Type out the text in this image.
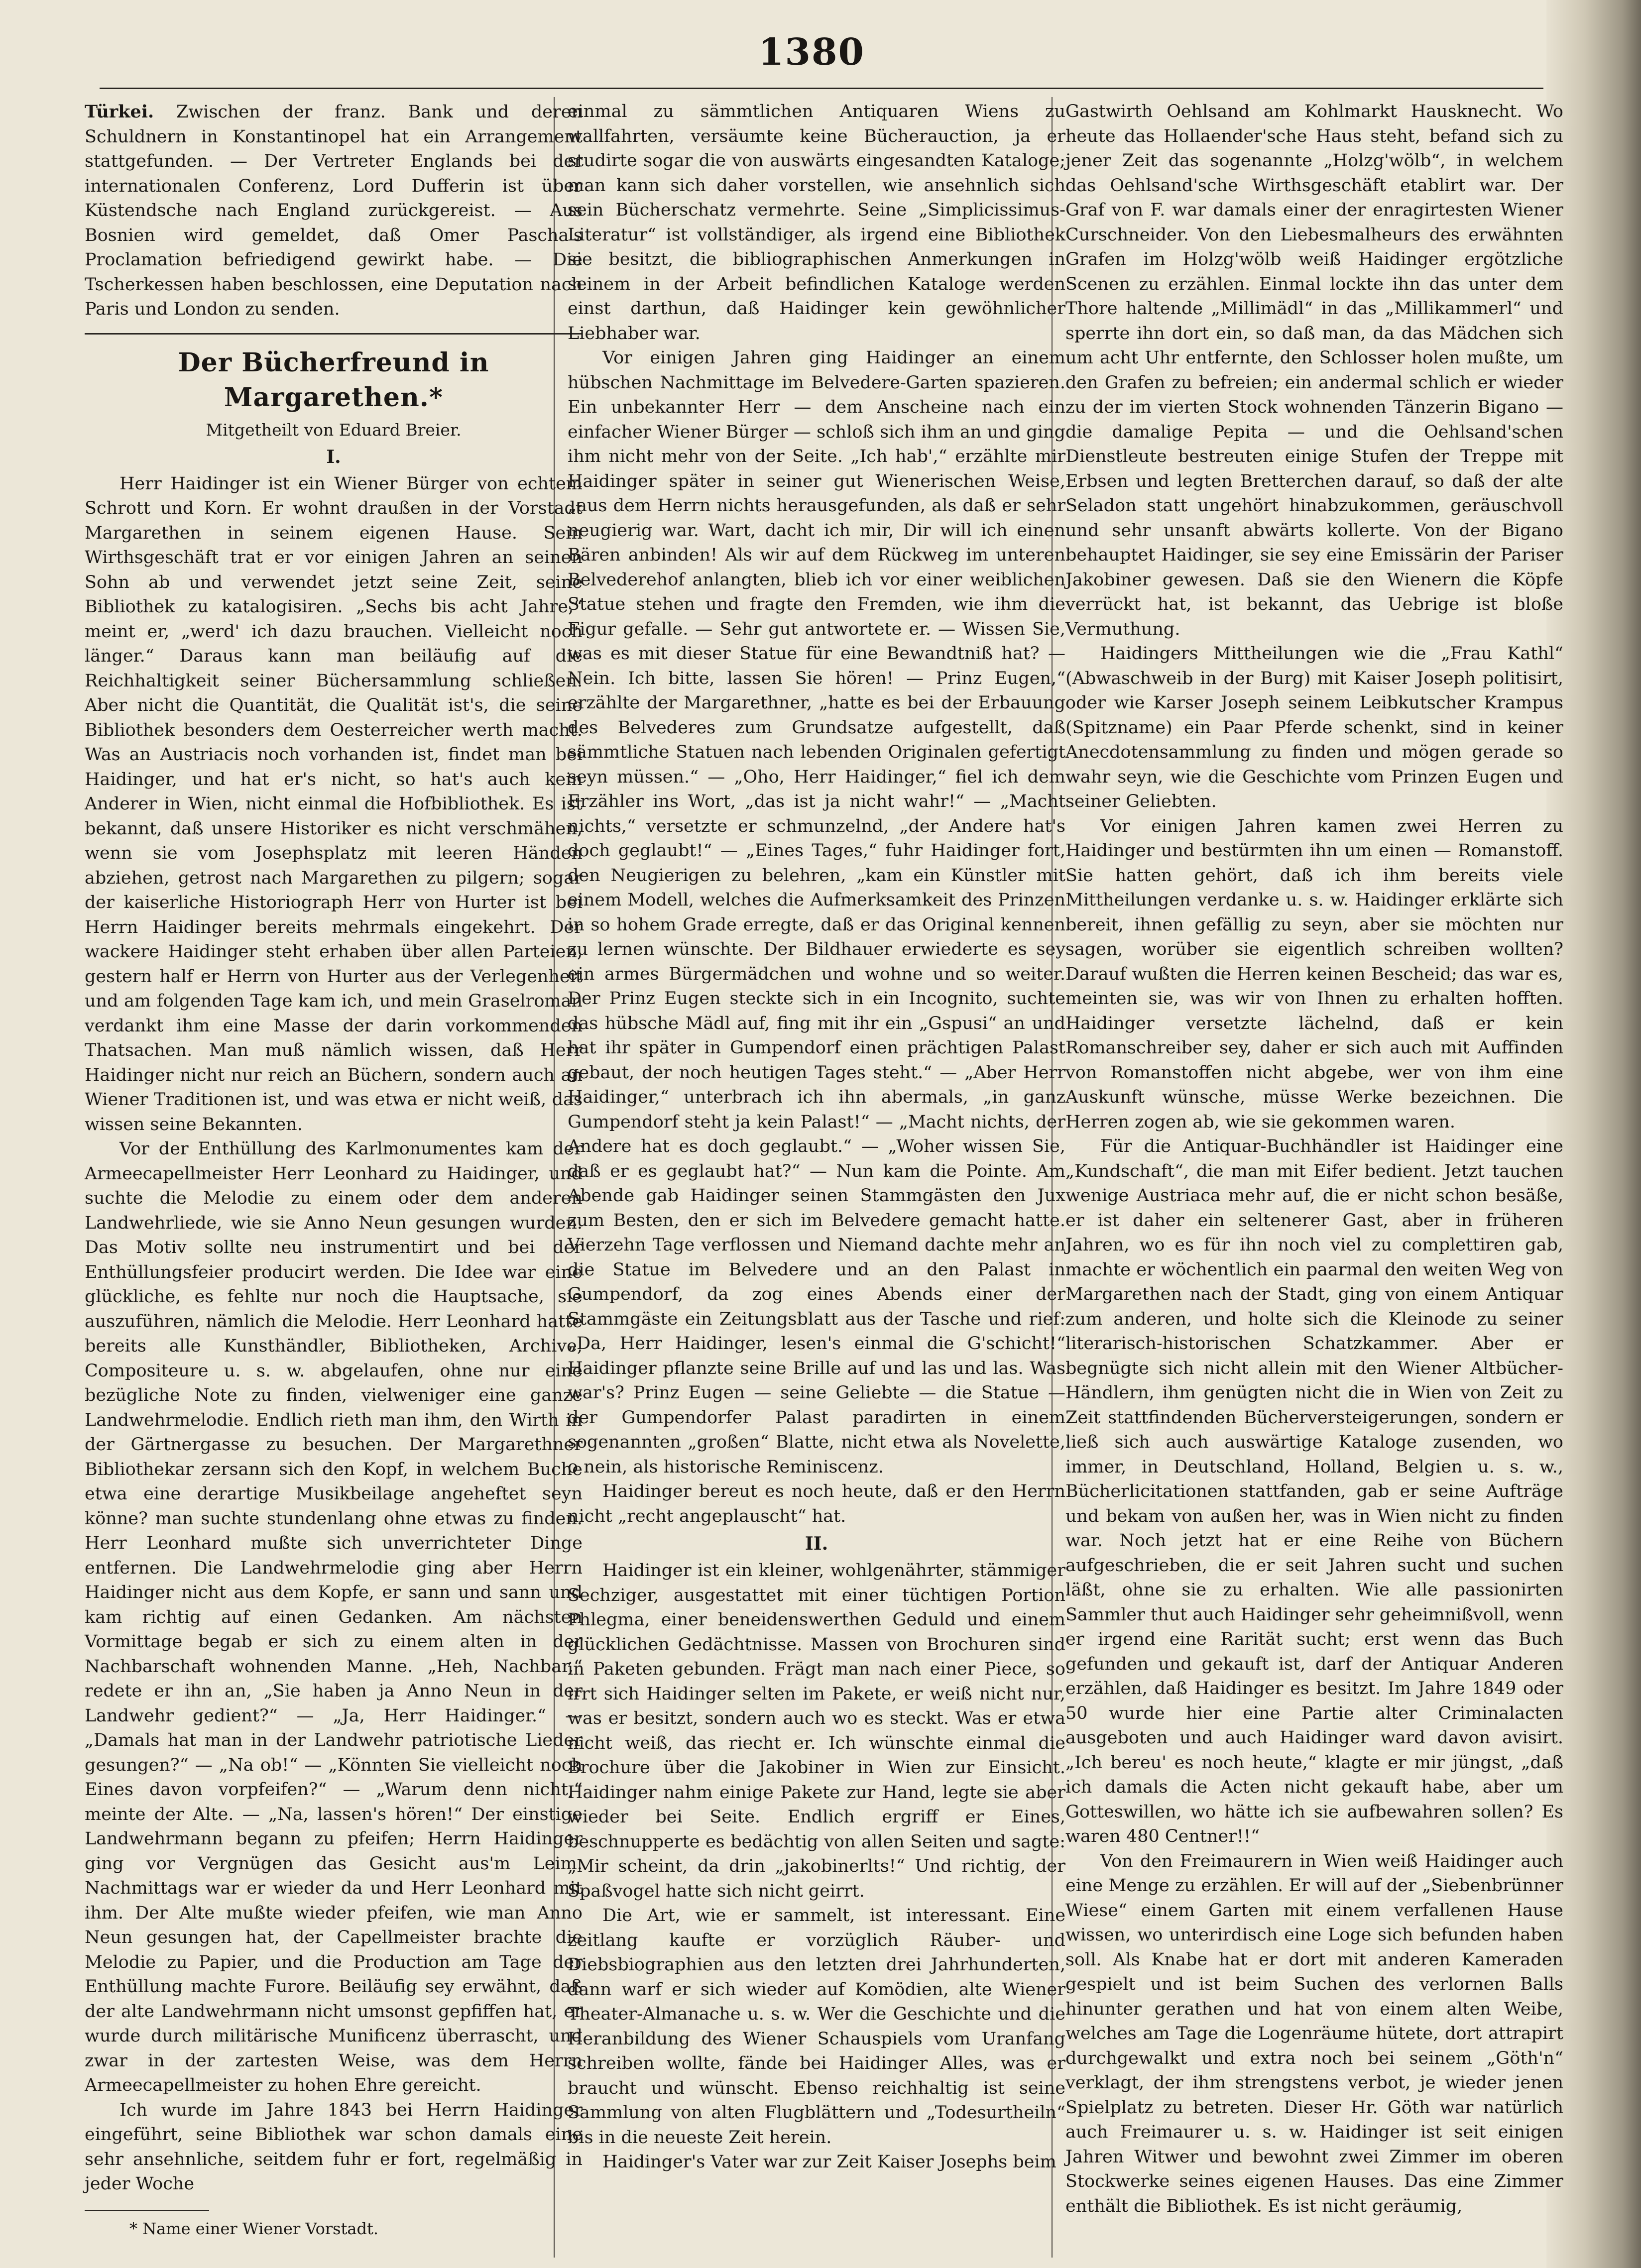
1380

Türkei. Zwischen der franz. Bank und deren Schuldnern in Konstantinopel hat ein Arrangement stattgefunden. — Der Vertreter Englands bei der internationalen Conferenz, Lord Dufferin ist über Küstendsche nach England zurückgereist. — Aus Bosnien wird gemeldet, daß Omer Pascha's Proclamation befriedigend gewirkt habe. — Die Tscherkessen haben beschlossen, eine Deputation nach Paris und London zu senden.

Der Bücherfreund in Margarethen.*
Mitgetheilt von Eduard Breier.
I.

Herr Haidinger ist ein Wiener Bürger von echtem Schrott und Korn. Er wohnt draußen in der Vorstadt Margarethen in seinem eigenen Hause. Sein Wirthsgeschäft trat er vor einigen Jahren an seinen Sohn ab und verwendet jetzt seine Zeit, seine Bibliothek zu katalogisiren. „Sechs bis acht Jahre,“ meint er, „werd' ich dazu brauchen. Vielleicht noch länger.“ Daraus kann man beiläufig auf die Reichhaltigkeit seiner Büchersammlung schließen. Aber nicht die Quantität, die Qualität ist's, die seine Bibliothek besonders dem Oesterreicher werth macht. Was an Austriacis noch vorhanden ist, findet man bei Haidinger, und hat er's nicht, so hat's auch kein Anderer in Wien, nicht einmal die Hofbibliothek. Es ist bekannt, daß unsere Historiker es nicht verschmähen, wenn sie vom Josephsplatz mit leeren Händen abziehen, getrost nach Margarethen zu pilgern; sogar der kaiserliche Historiograph Herr von Hurter ist bei Herrn Haidinger bereits mehrmals eingekehrt. Der wackere Haidinger steht erhaben über allen Parteien, gestern half er Herrn von Hurter aus der Verlegenheit und am folgenden Tage kam ich, und mein Graselroman verdankt ihm eine Masse der darin vorkommenden Thatsachen. Man muß nämlich wissen, daß Herr Haidinger nicht nur reich an Büchern, sondern auch an Wiener Traditionen ist, und was etwa er nicht weiß, das wissen seine Bekannten.

Vor der Enthüllung des Karlmonumentes kam der Armeecapellmeister Herr Leonhard zu Haidinger, und suchte die Melodie zu einem oder dem anderen Landwehrliede, wie sie Anno Neun gesungen wurden. Das Motiv sollte neu instrumentirt und bei der Enthüllungsfeier producirt werden. Die Idee war eine glückliche, es fehlte nur noch die Hauptsache, sie auszuführen, nämlich die Melodie. Herr Leonhard hatte bereits alle Kunsthändler, Bibliotheken, Archive, Compositeure u. s. w. abgelaufen, ohne nur eine bezügliche Note zu finden, vielweniger eine ganze Landwehrmelodie. Endlich rieth man ihm, den Wirth in der Gärtnergasse zu besuchen. Der Margarethner Bibliothekar zersann sich den Kopf, in welchem Buche etwa eine derartige Musikbeilage angeheftet seyn könne? man suchte stundenlang ohne etwas zu finden. Herr Leonhard mußte sich unverrichteter Dinge entfernen. Die Landwehrmelodie ging aber Herrn Haidinger nicht aus dem Kopfe, er sann und sann und kam richtig auf einen Gedanken. Am nächsten Vormittage begab er sich zu einem alten in der Nachbarschaft wohnenden Manne. „Heh, Nachbar,“ redete er ihn an, „Sie haben ja Anno Neun in der Landwehr gedient?“ — „Ja, Herr Haidinger.“ — „Damals hat man in der Landwehr patriotische Lieder gesungen?“ — „Na ob!“ — „Könnten Sie vielleicht noch Eines davon vorpfeifen?“ — „Warum denn nicht,“ meinte der Alte. — „Na, lassen's hören!“ Der einstige Landwehrmann begann zu pfeifen; Herrn Haidinger ging vor Vergnügen das Gesicht aus'm Leim. Nachmittags war er wieder da und Herr Leonhard mit ihm. Der Alte mußte wieder pfeifen, wie man Anno Neun gesungen hat, der Capellmeister brachte die Melodie zu Papier, und die Production am Tage der Enthüllung machte Furore. Beiläufig sey erwähnt, daß der alte Landwehrmann nicht umsonst gepfiffen hat, er wurde durch militärische Munificenz überrascht, und zwar in der zartesten Weise, was dem Herrn Armeecapellmeister zu hohen Ehre gereicht.

Ich wurde im Jahre 1843 bei Herrn Haidinger eingeführt, seine Bibliothek war schon damals eine sehr ansehnliche, seitdem fuhr er fort, regelmäßig in jeder Woche

* Name einer Wiener Vorstadt.

einmal zu sämmtlichen Antiquaren Wiens zu wallfahrten, versäumte keine Bücherauction, ja er studirte sogar die von auswärts eingesandten Kataloge; man kann sich daher vorstellen, wie ansehnlich sich sein Bücherschatz vermehrte. Seine „Simplicissimus-Literatur“ ist vollständiger, als irgend eine Bibliothek sie besitzt, die bibliographischen Anmerkungen in seinem in der Arbeit befindlichen Kataloge werden einst darthun, daß Haidinger kein gewöhnlicher Liebhaber war.

Vor einigen Jahren ging Haidinger an einem hübschen Nachmittage im Belvedere-Garten spazieren. Ein unbekannter Herr — dem Anscheine nach ein einfacher Wiener Bürger — schloß sich ihm an und ging ihm nicht mehr von der Seite. „Ich hab',“ erzählte mir Haidinger später in seiner gut Wienerischen Weise, „aus dem Herrn nichts herausgefunden, als daß er sehr neugierig war. Wart, dacht ich mir, Dir will ich einen Bären anbinden! Als wir auf dem Rückweg im unteren Belvederehof anlangten, blieb ich vor einer weiblichen Statue stehen und fragte den Fremden, wie ihm die Figur gefalle. — Sehr gut antwortete er. — Wissen Sie, was es mit dieser Statue für eine Bewandtniß hat? — Nein. Ich bitte, lassen Sie hören! — Prinz Eugen,“ erzählte der Margarethner, „hatte es bei der Erbauung des Belvederes zum Grundsatze aufgestellt, daß sämmtliche Statuen nach lebenden Originalen gefertigt seyn müssen.“ — „Oho, Herr Haidinger,“ fiel ich dem Erzähler ins Wort, „das ist ja nicht wahr!“ — „Macht nichts,“ versetzte er schmunzelnd, „der Andere hat's doch geglaubt!“ — „Eines Tages,“ fuhr Haidinger fort, den Neugierigen zu belehren, „kam ein Künstler mit einem Modell, welches die Aufmerksamkeit des Prinzen in so hohem Grade erregte, daß er das Original kennen zu lernen wünschte. Der Bildhauer erwiederte es sey ein armes Bürgermädchen und wohne und so weiter. Der Prinz Eugen steckte sich in ein Incognito, suchte das hübsche Mädl auf, fing mit ihr ein „Gspusi“ an und hat ihr später in Gumpendorf einen prächtigen Palast gebaut, der noch heutigen Tages steht.“ — „Aber Herr Haidinger,“ unterbrach ich ihn abermals, „in ganz Gumpendorf steht ja kein Palast!“ — „Macht nichts, der Andere hat es doch geglaubt.“ — „Woher wissen Sie, daß er es geglaubt hat?“ — Nun kam die Pointe. Am Abende gab Haidinger seinen Stammgästen den Jux zum Besten, den er sich im Belvedere gemacht hatte. Vierzehn Tage verflossen und Niemand dachte mehr an die Statue im Belvedere und an den Palast in Gumpendorf, da zog eines Abends einer der Stammgäste ein Zeitungsblatt aus der Tasche und rief: „Da, Herr Haidinger, lesen's einmal die G'schicht!“ Haidinger pflanzte seine Brille auf und las und las. Was war's? Prinz Eugen — seine Geliebte — die Statue — der Gumpendorfer Palast paradirten in einem sogenannten „großen“ Blatte, nicht etwa als Novelette, o nein, als historische Reminiscenz.

Haidinger bereut es noch heute, daß er den Herrn nicht „recht angeplauscht“ hat.

II.

Haidinger ist ein kleiner, wohlgenährter, stämmiger Sechziger, ausgestattet mit einer tüchtigen Portion Phlegma, einer beneidenswerthen Geduld und einem glücklichen Gedächtnisse. Massen von Brochuren sind in Paketen gebunden. Frägt man nach einer Piece, so irrt sich Haidinger selten im Pakete, er weiß nicht nur, was er besitzt, sondern auch wo es steckt. Was er etwa nicht weiß, das riecht er. Ich wünschte einmal die Brochure über die Jakobiner in Wien zur Einsicht. Haidinger nahm einige Pakete zur Hand, legte sie aber wieder bei Seite. Endlich ergriff er Eines, beschnupperte es bedächtig von allen Seiten und sagte: „Mir scheint, da drin „jakobinerlts!“ Und richtig, der Spaßvogel hatte sich nicht geirrt.

Die Art, wie er sammelt, ist interessant. Eine zeitlang kaufte er vorzüglich Räuber- und Diebsbiographien aus den letzten drei Jahrhunderten, dann warf er sich wieder auf Komödien, alte Wiener Theater-Almanache u. s. w. Wer die Geschichte und die Heranbildung des Wiener Schauspiels vom Uranfang schreiben wollte, fände bei Haidinger Alles, was er braucht und wünscht. Ebenso reichhaltig ist seine Sammlung von alten Flugblättern und „Todesurtheiln“ bis in die neueste Zeit herein.

Haidinger's Vater war zur Zeit Kaiser Josephs beim

Gastwirth Oehlsand am Kohlmarkt Hausknecht. Wo heute das Hollaender'sche Haus steht, befand sich zu jener Zeit das sogenannte „Holzg'wölb“, in welchem das Oehlsand'sche Wirthsgeschäft etablirt war. Der Graf von F. war damals einer der enragirtesten Wiener Curschneider. Von den Liebesmalheurs des erwähnten Grafen im Holzg'wölb weiß Haidinger ergötzliche Scenen zu erzählen. Einmal lockte ihn das unter dem Thore haltende „Millimädl“ in das „Millikammerl“ und sperrte ihn dort ein, so daß man, da das Mädchen sich um acht Uhr entfernte, den Schlosser holen mußte, um den Grafen zu befreien; ein andermal schlich er wieder zu der im vierten Stock wohnenden Tänzerin Bigano — die damalige Pepita — und die Oehlsand'schen Dienstleute bestreuten einige Stufen der Treppe mit Erbsen und legten Bretterchen darauf, so daß der alte Seladon statt ungehört hinabzukommen, geräuschvoll und sehr unsanft abwärts kollerte. Von der Bigano behauptet Haidinger, sie sey eine Emissärin der Pariser Jakobiner gewesen. Daß sie den Wienern die Köpfe verrückt hat, ist bekannt, das Uebrige ist bloße Vermuthung.

Haidingers Mittheilungen wie die „Frau Kathl“ (Abwaschweib in der Burg) mit Kaiser Joseph politisirt, oder wie Karser Joseph seinem Leibkutscher Krampus (Spitzname) ein Paar Pferde schenkt, sind in keiner Anecdotensammlung zu finden und mögen gerade so wahr seyn, wie die Geschichte vom Prinzen Eugen und seiner Geliebten.

Vor einigen Jahren kamen zwei Herren zu Haidinger und bestürmten ihn um einen — Romanstoff. Sie hatten gehört, daß ich ihm bereits viele Mittheilungen verdanke u. s. w. Haidinger erklärte sich bereit, ihnen gefällig zu seyn, aber sie möchten nur sagen, worüber sie eigentlich schreiben wollten? Darauf wußten die Herren keinen Bescheid; das war es, meinten sie, was wir von Ihnen zu erhalten hofften. Haidinger versetzte lächelnd, daß er kein Romanschreiber sey, daher er sich auch mit Auffinden von Romanstoffen nicht abgebe, wer von ihm eine Auskunft wünsche, müsse Werke bezeichnen. Die Herren zogen ab, wie sie gekommen waren.

Für die Antiquar-Buchhändler ist Haidinger eine „Kundschaft“, die man mit Eifer bedient. Jetzt tauchen wenige Austriaca mehr auf, die er nicht schon besäße, er ist daher ein seltenerer Gast, aber in früheren Jahren, wo es für ihn noch viel zu complettiren gab, machte er wöchentlich ein paarmal den weiten Weg von Margarethen nach der Stadt, ging von einem Antiquar zum anderen, und holte sich die Kleinode zu seiner literarisch-historischen Schatzkammer. Aber er begnügte sich nicht allein mit den Wiener Altbücher-Händlern, ihm genügten nicht die in Wien von Zeit zu Zeit stattfindenden Bücherversteigerungen, sondern er ließ sich auch auswärtige Kataloge zusenden, wo immer, in Deutschland, Holland, Belgien u. s. w., Bücherlicitationen stattfanden, gab er seine Aufträge und bekam von außen her, was in Wien nicht zu finden war. Noch jetzt hat er eine Reihe von Büchern aufgeschrieben, die er seit Jahren sucht und suchen läßt, ohne sie zu erhalten. Wie alle passionirten Sammler thut auch Haidinger sehr geheimnißvoll, wenn er irgend eine Rarität sucht; erst wenn das Buch gefunden und gekauft ist, darf der Antiquar Anderen erzählen, daß Haidinger es besitzt. Im Jahre 1849 oder 50 wurde hier eine Partie alter Criminalacten ausgeboten und auch Haidinger ward davon avisirt. „Ich bereu' es noch heute,“ klagte er mir jüngst, „daß ich damals die Acten nicht gekauft habe, aber um Gotteswillen, wo hätte ich sie aufbewahren sollen? Es waren 480 Centner!!“

Von den Freimaurern in Wien weiß Haidinger auch eine Menge zu erzählen. Er will auf der „Siebenbrünner Wiese“ einem Garten mit einem verfallenen Hause wissen, wo unterirdisch eine Loge sich befunden haben soll. Als Knabe hat er dort mit anderen Kameraden gespielt und ist beim Suchen des verlornen Balls hinunter gerathen und hat von einem alten Weibe, welches am Tage die Logenräume hütete, dort attrapirt durchgewalkt und extra noch bei seinem „Göth'n“ verklagt, der ihm strengstens verbot, je wieder jenen Spielplatz zu betreten. Dieser Hr. Göth war natürlich auch Freimaurer u. s. w. Haidinger ist seit einigen Jahren Witwer und bewohnt zwei Zimmer im oberen Stockwerke seines eigenen Hauses. Das eine Zimmer enthält die Bibliothek. Es ist nicht geräumig,
